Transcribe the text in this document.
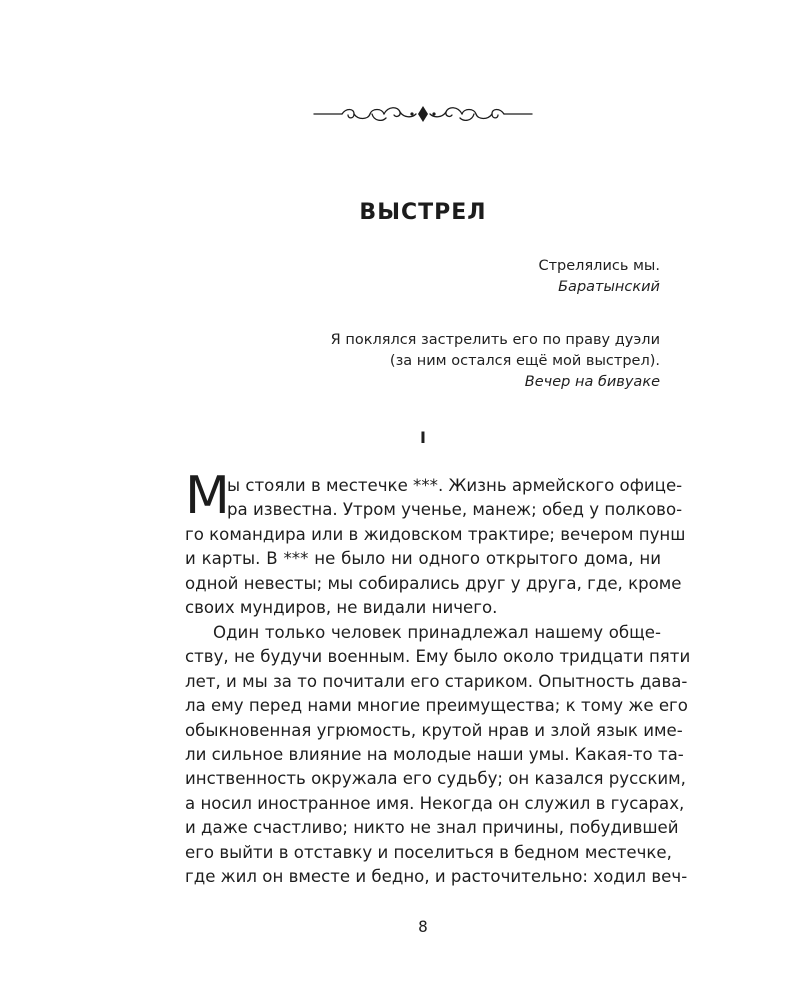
ВЫСТРЕЛ
Стрелялись мы.
Баратынский
Я поклялся застрелить его по праву дуэли
(за ним остался ещё мой выстрел).
Вечер на бивуаке
I
М
ы стояли в местечке ***. Жизнь армейского офице-
ра известна. Утром ученье, манеж; обед у полково-
го командира или в жидовском трактире; вечером пунш
и карты. В *** не было ни одного открытого дома, ни
одной невесты; мы собирались друг у друга, где, кроме
своих мундиров, не видали ничего.
Один только человек принадлежал нашему общe-
ству, не будучи военным. Ему было около тридцати пяти
лет, и мы за то почитали его стариком. Опытность дава-
ла ему перед нами многие преимущества; к тому же его
обыкновенная угрюмость, крутой нрав и злой язык име-
ли сильное влияние на молодые наши умы. Какая-то та-
инственность окружала его судьбу; он казался русским,
а носил иностранное имя. Некогда он служил в гусарах,
и даже счастливо; никто не знал причины, побудившей
его выйти в отставку и поселиться в бедном местечке,
где жил он вместе и бедно, и расточительно: ходил веч-
8
